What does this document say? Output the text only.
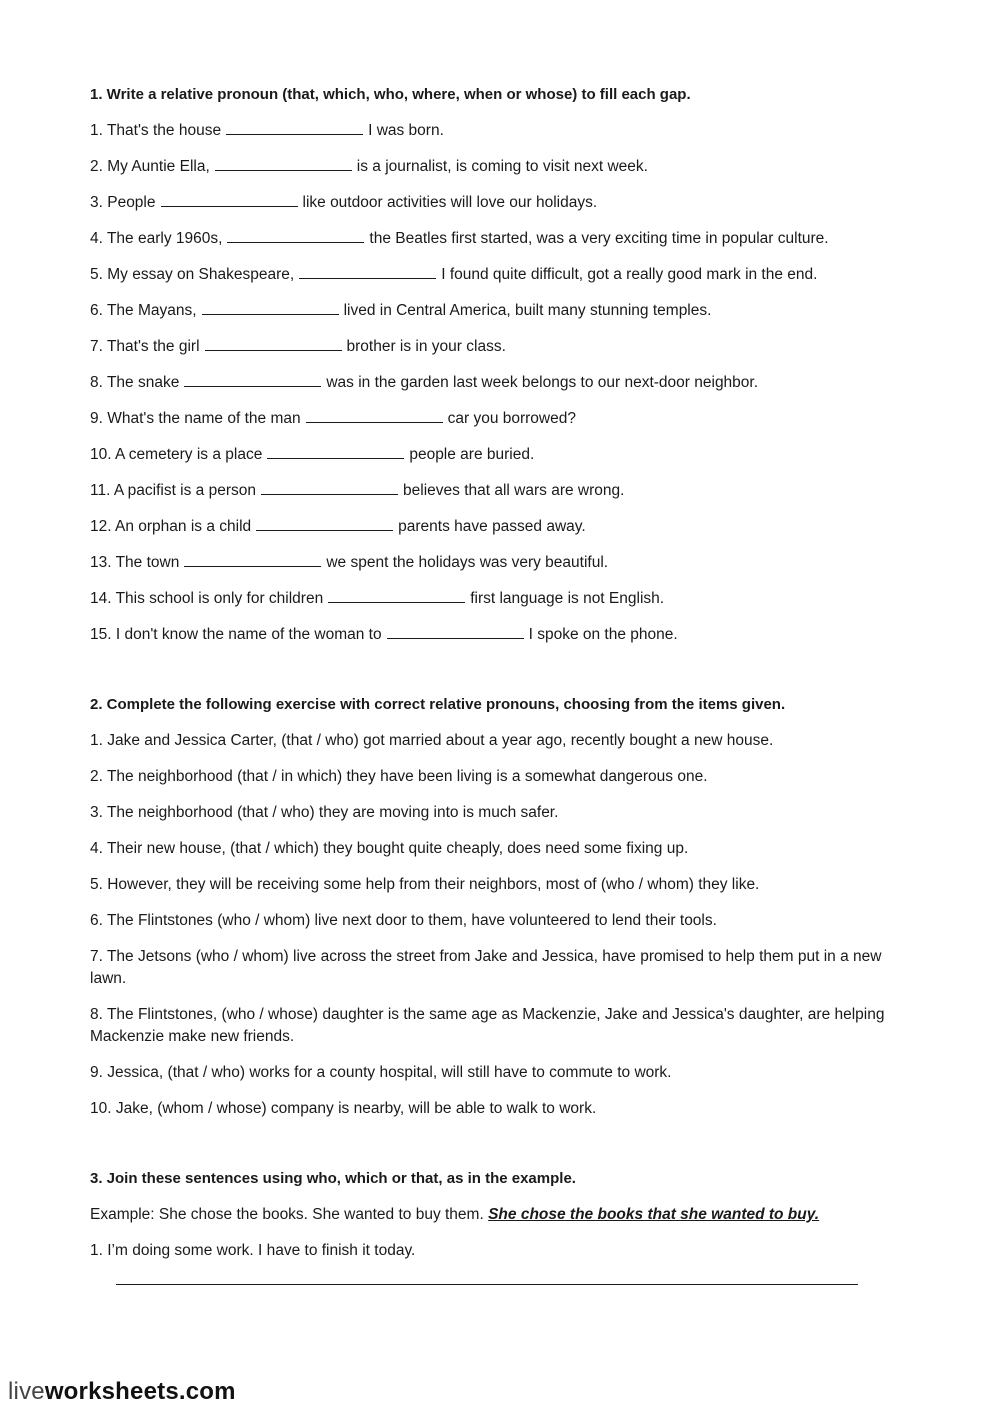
1. Write a relative pronoun (that, which, who, where, when or whose) to fill each gap.
1. That's the house	I was born.
2. My Auntie Ella,	is a journalist, is coming to visit next week.
3. People	like outdoor activities will love our holidays.
4. The early 1960s,	the Beatles first started, was a very exciting time in popular culture.
5. My essay on Shakespeare,	I found quite difficult, got a really good mark in the end.
6. The Mayans,	lived in Central America, built many stunning temples.
7. That's the girl	brother is in your class.
8. The snake	was in the garden last week belongs to our next-door neighbor.
9. What's the name of the man	car you borrowed?
10. A cemetery is a place	people are buried.
11. A pacifist is a person	believes that all wars are wrong.
12. An orphan is a child	parents have passed away.
13. The town	we spent the holidays was very beautiful.
14. This school is only for children	first language is not English.
15. I don't know the name of the woman to	I spoke on the phone.
2. Complete the following exercise with correct relative pronouns, choosing from the items given.
1. Jake and Jessica Carter, (that / who) got married about a year ago, recently bought a new house.
2. The neighborhood (that / in which) they have been living is a somewhat dangerous one.
3. The neighborhood (that / who) they are moving into is much safer.
4. Their new house, (that / which) they bought quite cheaply, does need some fixing up.
5. However, they will be receiving some help from their neighbors, most of (who / whom) they like.
6. The Flintstones (who / whom) live next door to them, have volunteered to lend their tools.
7. The Jetsons (who / whom) live across the street from Jake and Jessica, have promised to help them put in a new lawn.
8. The Flintstones, (who / whose) daughter is the same age as Mackenzie, Jake and Jessica's daughter, are helping Mackenzie make new friends.
9. Jessica, (that / who) works for a county hospital, will still have to commute to work.
10. Jake, (whom / whose) company is nearby, will be able to walk to work.
3. Join these sentences using who, which or that, as in the example.
Example: She chose the books. She wanted to buy them. She chose the books that she wanted to buy.
1. I’m doing some work. I have to finish it today.
liveworksheets.com
